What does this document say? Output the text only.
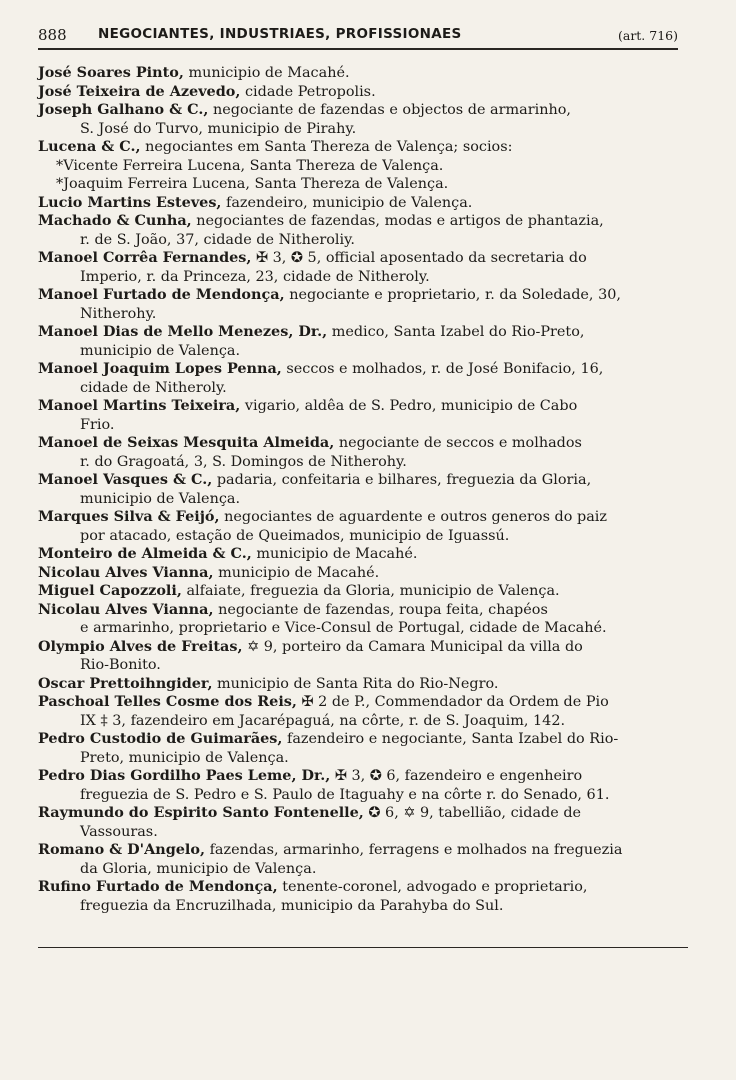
888 NEGOCIANTES, INDUSTRIAES, PROFISSIONAES	(art. 716)
José Soares Pinto, municipio de Macahé.
José Teixeira de Azevedo, cidade Petropolis.
Joseph Galhano & C., negociante de fazendas e objectos de armarinho,
S. José do Turvo, municipio de Pirahy.
Lucena & C., negociantes em Santa Thereza de Valença; socios:
*Vicente Ferreira Lucena, Santa Thereza de Valença.
*Joaquim Ferreira Lucena, Santa Thereza de Valença.
Lucio Martins Esteves, fazendeiro, municipio de Valença.
Machado & Cunha, negociantes de fazendas, modas e artigos de phantazia,
r. de S. João, 37, cidade de Nitheroliy.
Manoel Corrêa Fernandes, ✠ 3, ✪ 5, official aposentado da secretaria do
Imperio, r. da Princeza, 23, cidade de Nitheroly.
Manoel Furtado de Mendonça, negociante e proprietario, r. da Soledade, 30,
Nitherohy.
Manoel Dias de Mello Menezes, Dr., medico, Santa Izabel do Rio-Preto,
municipio de Valença.
Manoel Joaquim Lopes Penna, seccos e molhados, r. de José Bonifacio, 16,
cidade de Nitheroly.
Manoel Martins Teixeira, vigario, aldêa de S. Pedro, municipio de Cabo
Frio.
Manoel de Seixas Mesquita Almeida, negociante de seccos e molhados
r. do Gragoatá, 3, S. Domingos de Nitherohy.
Manoel Vasques & C., padaria, confeitaria e bilhares, freguezia da Gloria,
municipio de Valença.
Marques Silva & Feijó, negociantes de aguardente e outros generos do paiz
por atacado, estação de Queimados, municipio de Iguassú.
Monteiro de Almeida & C., municipio de Macahé.
Nicolau Alves Vianna, municipio de Macahé.
Miguel Capozzoli, alfaiate, freguezia da Gloria, municipio de Valença.
Nicolau Alves Vianna, negociante de fazendas, roupa feita, chapéos
e armarinho, proprietario e Vice-Consul de Portugal, cidade de Macahé.
Olympio Alves de Freitas, ✡ 9, porteiro da Camara Municipal da villa do
Rio-Bonito.
Oscar Prettoihngider, municipio de Santa Rita do Rio-Negro.
Paschoal Telles Cosme dos Reis, ✠ 2 de P., Commendador da Ordem de Pio
IX ‡ 3, fazendeiro em Jacarépaguá, na côrte, r. de S. Joaquim, 142.
Pedro Custodio de Guimarães, fazendeiro e negociante, Santa Izabel do Rio-
Preto, municipio de Valença.
Pedro Dias Gordilho Paes Leme, Dr., ✠ 3, ✪ 6, fazendeiro e engenheiro
freguezia de S. Pedro e S. Paulo de Itaguahy e na côrte r. do Senado, 61.
Raymundo do Espirito Santo Fontenelle, ✪ 6, ✡ 9, tabellião, cidade de
Vassouras.
Romano & D'Angelo, fazendas, armarinho, ferragens e molhados na freguezia
da Gloria, municipio de Valença.
Rufino Furtado de Mendonça, tenente-coronel, advogado e proprietario,
freguezia da Encruzilhada, municipio da Parahyba do Sul.
